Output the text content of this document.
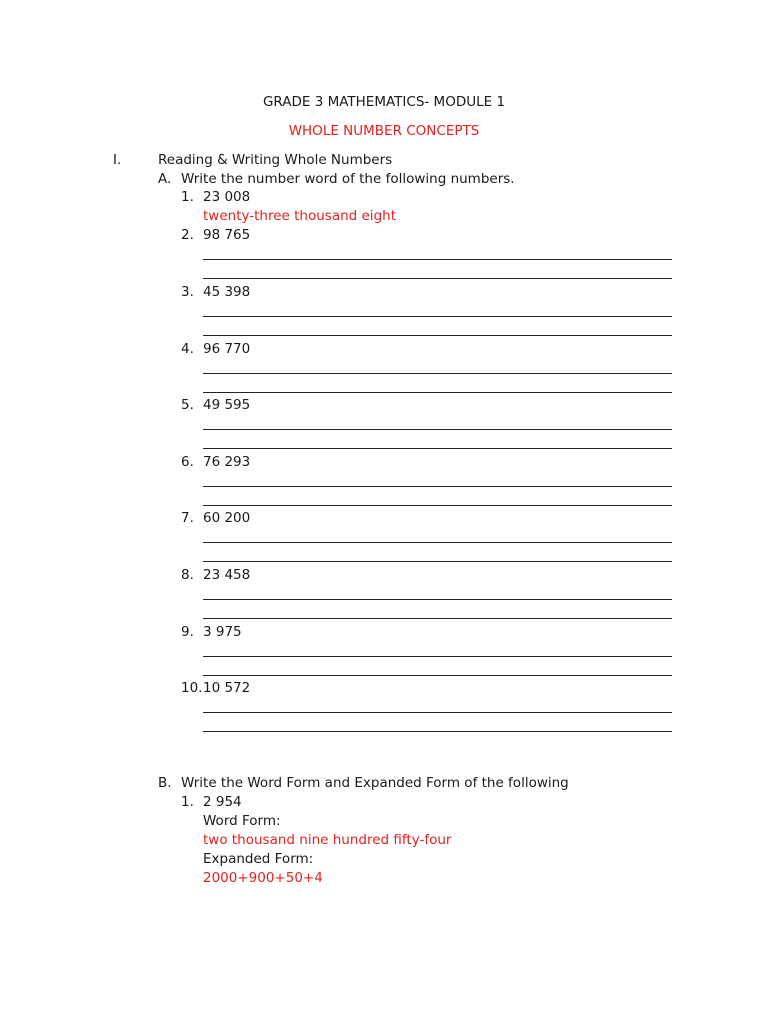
GRADE 3 MATHEMATICS- MODULE 1
WHOLE NUMBER CONCEPTS
I.	Reading & Writing Whole Numbers
A. Write the number word of the following numbers.
1. 23 008
twenty-three thousand eight
2. 98 765
3. 45 398
4. 96 770
5. 49 595
6. 76 293
7. 60 200
8. 23 458
9. 3 975
10. 10 572
B. Write the Word Form and Expanded Form of the following
1. 2 954
Word Form:
two thousand nine hundred fifty-four
Expanded Form:
2000+900+50+4
